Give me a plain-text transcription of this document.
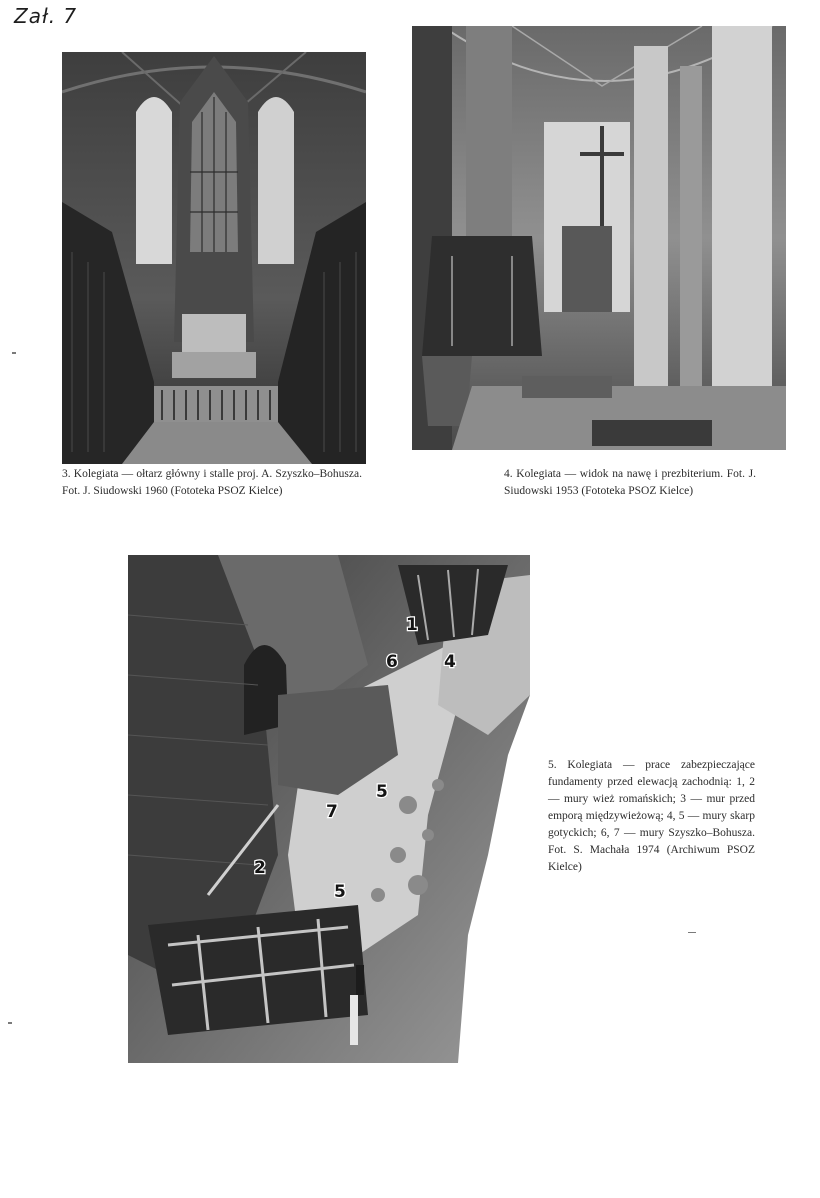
Zał. 7
1
6	4
5
7
2
5

3. Kolegiata — ołtarz główny i stalle proj. A. Szyszko–Bohusza. Fot. J. Siudowski 1960 (Fototeka PSOZ Kielce)

4. Kolegiata — widok na nawę i prezbiterium. Fot. J. Siudowski 1953 (Fototeka PSOZ Kielce)

5. Kolegiata — prace zabezpieczające fundamenty przed elewacją zachodnią: 1, 2 — mury wież romańskich; 3 — mur przed emporą międzywieżową; 4, 5 — mury skarp gotyckich; 6, 7 — mury Szyszko–Bohusza. Fot. S. Machała 1974 (Archiwum PSOZ Kielce)
